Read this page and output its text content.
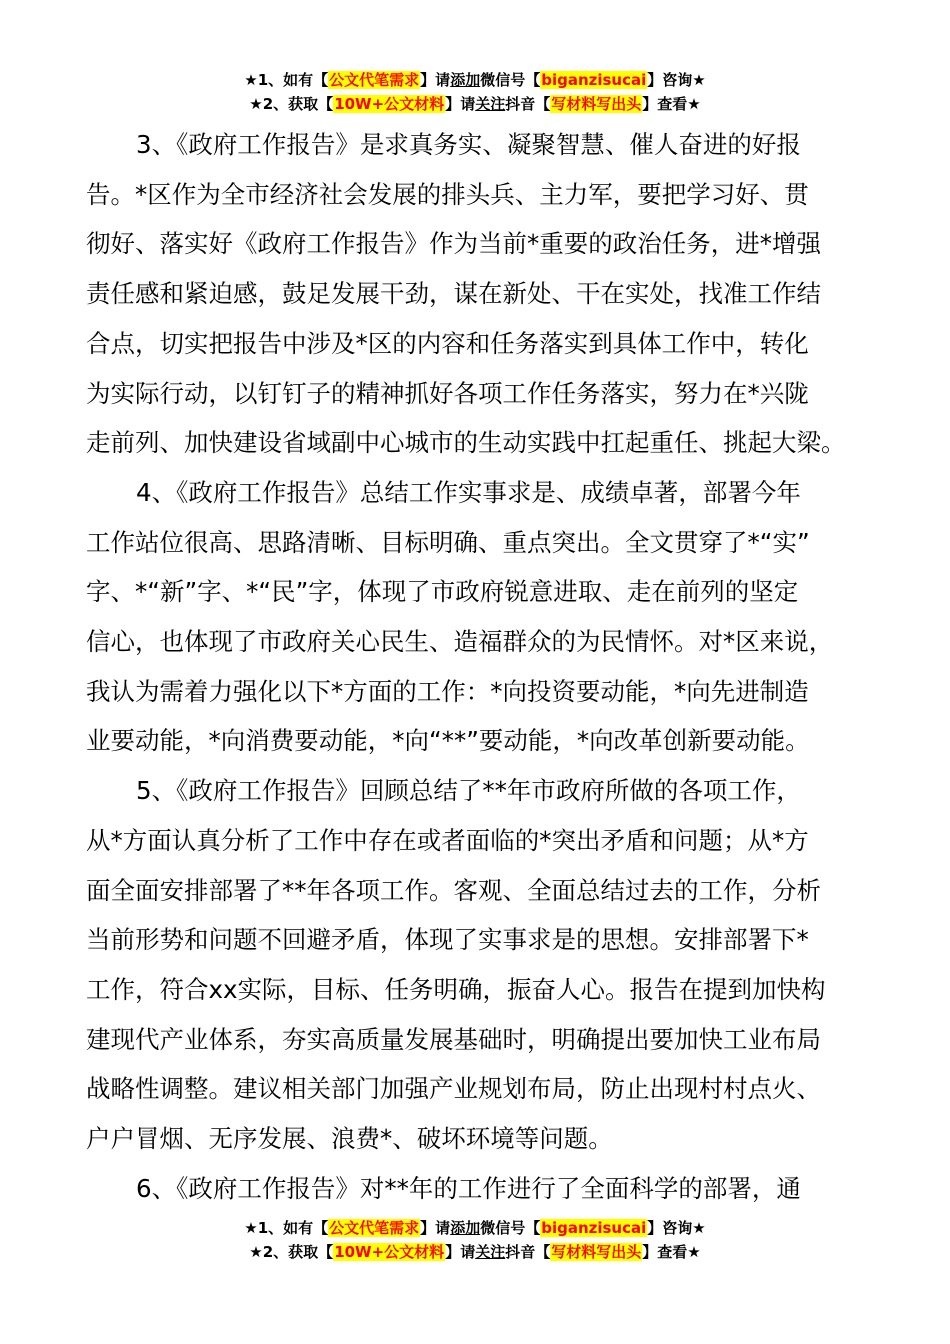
★1、如有【公文代笔需求】请添加微信号【biganzisucai】咨询★
★2、获取【10W+公文材料】请关注抖音【写材料写出头】查看★
3、《政府工作报告》是求真务实、凝聚智慧、催人奋进的好报
告。*区作为全市经济社会发展的排头兵、主力军，要把学习好、贯
彻好、落实好《政府工作报告》作为当前*重要的政治任务，进*增强
责任感和紧迫感，鼓足发展干劲，谋在新处、干在实处，找准工作结
合点，切实把报告中涉及*区的内容和任务落实到具体工作中，转化
为实际行动，以钉钉子的精神抓好各项工作任务落实，努力在*兴陇
走前列、加快建设省域副中心城市的生动实践中扛起重任、挑起大梁。
4、《政府工作报告》总结工作实事求是、成绩卓著，部署今年
工作站位很高、思路清晰、目标明确、重点突出。全文贯穿了*“实”
字、*“新”字、*“民”字，体现了市政府锐意进取、走在前列的坚定
信心，也体现了市政府关心民生、造福群众的为民情怀。对*区来说，
我认为需着力强化以下*方面的工作：*向投资要动能，*向先进制造
业要动能，*向消费要动能，*向“**”要动能，*向改革创新要动能。
5、《政府工作报告》回顾总结了**年市政府所做的各项工作，
从*方面认真分析了工作中存在或者面临的*突出矛盾和问题；从*方
面全面安排部署了**年各项工作。客观、全面总结过去的工作，分析
当前形势和问题不回避矛盾，体现了实事求是的思想。安排部署下*
工作，符合xx实际，目标、任务明确，振奋人心。报告在提到加快构
建现代产业体系，夯实高质量发展基础时，明确提出要加快工业布局
战略性调整。建议相关部门加强产业规划布局，防止出现村村点火、
户户冒烟、无序发展、浪费*、破坏环境等问题。
6、《政府工作报告》对**年的工作进行了全面科学的部署，通
★1、如有【公文代笔需求】请添加微信号【biganzisucai】咨询★
★2、获取【10W+公文材料】请关注抖音【写材料写出头】查看★
